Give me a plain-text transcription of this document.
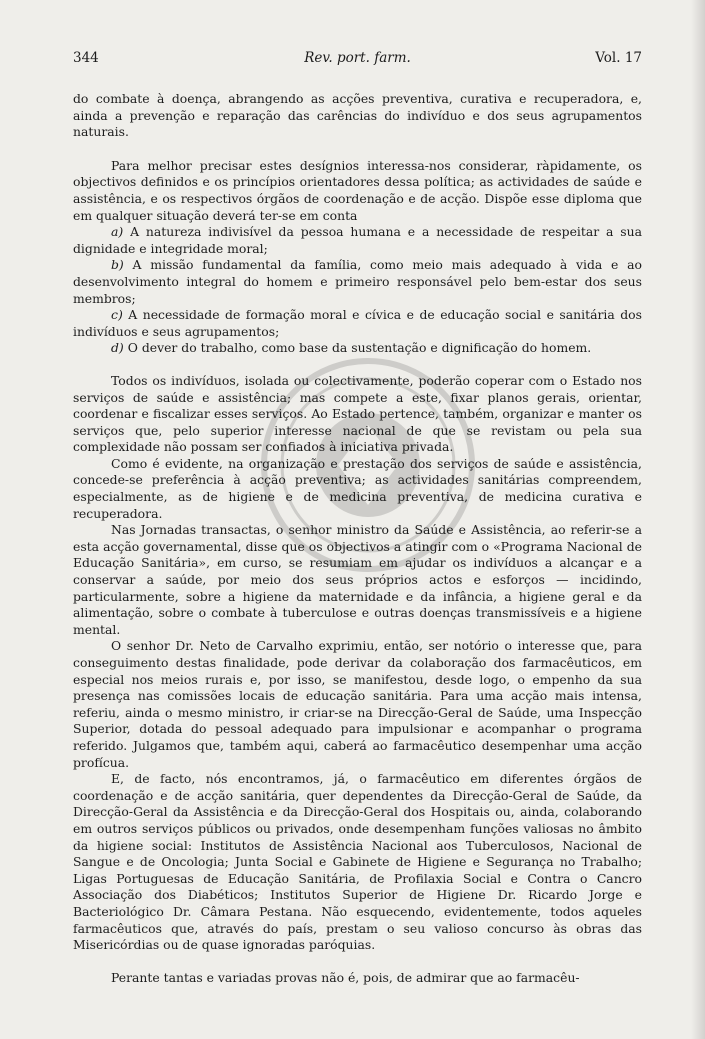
344	Rev. port. farm.	Vol. 17

do combate à doença, abrangendo as acções preventiva, curativa e recuperadora, e, ainda a prevenção e reparação das carências do indivíduo e dos seus agrupamentos naturais.

Para melhor precisar estes desígnios interessa-nos considerar, ràpidamente, os objectivos definidos e os princípios orientadores dessa política; as actividades de saúde e assistência, e os respectivos órgãos de coordenação e de acção. Dispõe esse diploma que em qualquer situação deverá ter-se em conta

a) A natureza indivisível da pessoa humana e a necessidade de respeitar a sua dignidade e integridade moral;

b) A missão fundamental da família, como meio mais adequado à vida e ao desenvolvimento integral do homem e primeiro responsável pelo bem-estar dos seus membros;

c) A necessidade de formação moral e cívica e de educação social e sanitária dos indivíduos e seus agrupamentos;

d) O dever do trabalho, como base da sustentação e dignificação do homem.

Todos os indivíduos, isolada ou colectivamente, poderão coperar com o Estado nos serviços de saúde e assistência; mas compete a este, fixar planos gerais, orientar, coordenar e fiscalizar esses serviços. Ao Estado pertence, também, organizar e manter os serviços que, pelo superior interesse nacional de que se revistam ou pela sua complexidade não possam ser confiados à iniciativa privada.

Como é evidente, na organização e prestação dos serviços de saúde e assistência, concede-se preferência à acção preventiva; as actividades sanitárias compreendem, especialmente, as de higiene e de medicina preventiva, de medicina curativa e recuperadora.

Nas Jornadas transactas, o senhor ministro da Saúde e Assistência, ao referir-se a esta acção governamental, disse que os objectivos a atingir com o «Programa Nacional de Educação Sanitária», em curso, se resumiam em ajudar os indivíduos a alcançar e a conservar a saúde, por meio dos seus próprios actos e esforços — incidindo, particularmente, sobre a higiene da maternidade e da infância, a higiene geral e da alimentação, sobre o combate à tuberculose e outras doenças transmissíveis e a higiene mental.

O senhor Dr. Neto de Carvalho exprimiu, então, ser notório o interesse que, para conseguimento destas finalidade, pode derivar da colaboração dos farmacêuticos, em especial nos meios rurais e, por isso, se manifestou, desde logo, o empenho da sua presença nas comissões locais de educação sanitária. Para uma acção mais intensa, referiu, ainda o mesmo ministro, ir criar-se na Direcção-Geral de Saúde, uma Inspecção Superior, dotada do pessoal adequado para impulsionar e acompanhar o programa referido. Julgamos que, também aqui, caberá ao farmacêutico desempenhar uma acção profícua.

E, de facto, nós encontramos, já, o farmacêutico em diferentes órgãos de coordenação e de acção sanitária, quer dependentes da Direcção-Geral de Saúde, da Direcção-Geral da Assistência e da Direcção-Geral dos Hospitais ou, ainda, colaborando em outros serviços públicos ou privados, onde desempenham funções valiosas no âmbito da higiene social: Institutos de Assistência Nacional aos Tuberculosos, Nacional de Sangue e de Oncologia; Junta Social e Gabinete de Higiene e Segurança no Trabalho; Ligas Portuguesas de Educação Sanitária, de Profilaxia Social e Contra o Cancro Associação dos Diabéticos; Institutos Superior de Higiene Dr. Ricardo Jorge e Bacteriológico Dr. Câmara Pestana. Não esquecendo, evidentemente, todos aqueles farmacêuticos que, através do país, prestam o seu valioso concurso às obras das Misericórdias ou de quase ignoradas paróquias.

Perante tantas e variadas provas não é, pois, de admirar que ao farmacêu-
